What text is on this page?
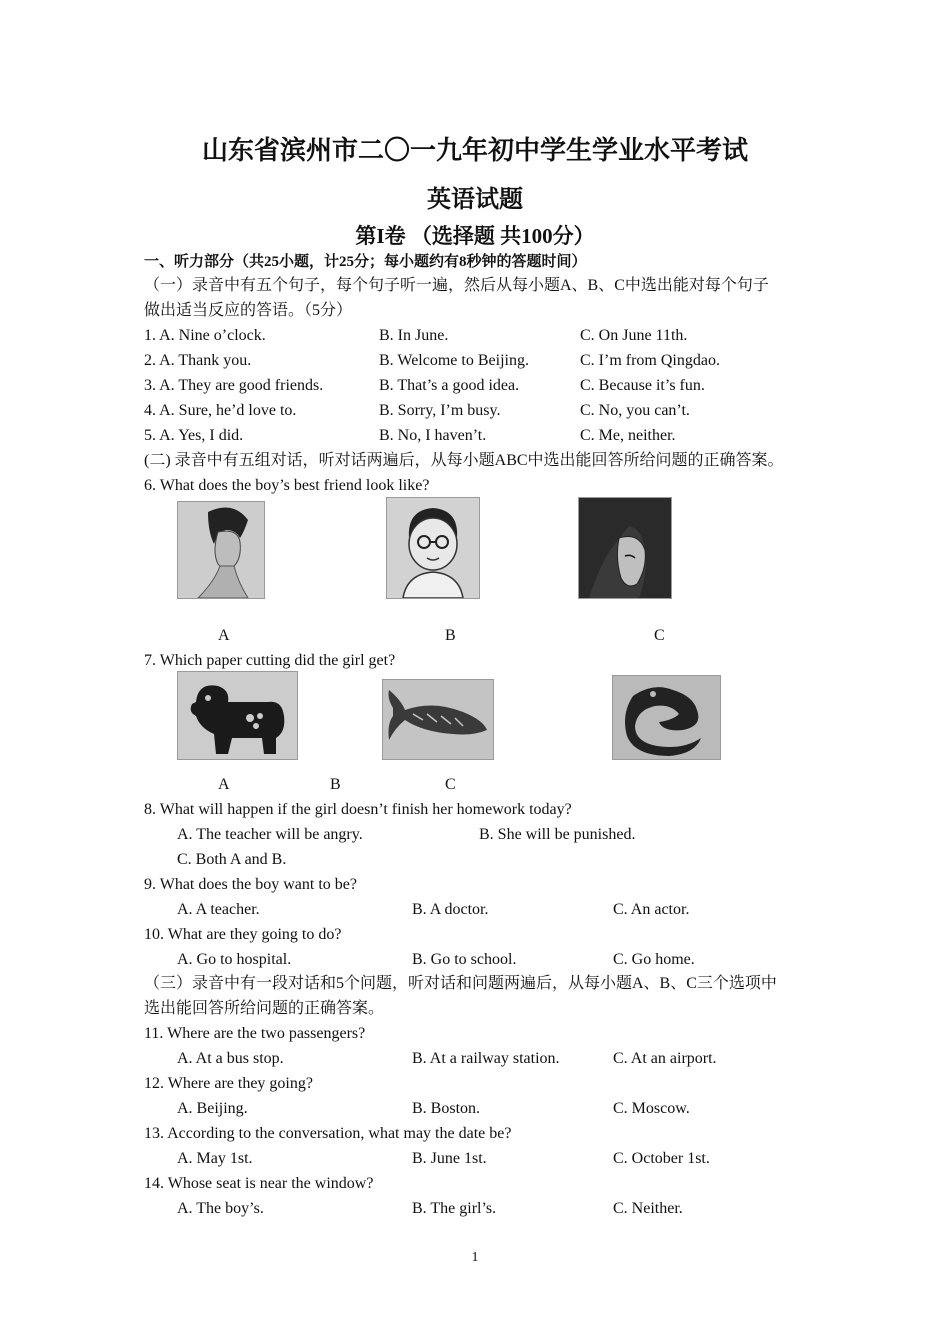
山东省滨州市二〇一九年初中学生学业水平考试
英语试题
第I卷 （选择题 共100分）
一、听力部分（共25小题，计25分；每小题约有8秒钟的答题时间）
（一）录音中有五个句子，每个句子听一遍，然后从每小题A、B、C中选出能对每个句子
做出适当反应的答语。（5分）
1. A. Nine o’clock.	B. In June.	C. On June 11th.
2. A. Thank you.	B. Welcome to Beijing.	C. I’m from Qingdao.
3. A. They are good friends.	B. That’s a good idea.	C. Because it’s fun.
4. A. Sure, he’d love to.	B. Sorry, I’m busy.	C. No, you can’t.
5. A. Yes, I did.	B. No, I haven’t.	C. Me, neither.
(二) 录音中有五组对话，听对话两遍后，从每小题ABC中选出能回答所给问题的正确答案。
6. What does the boy’s best friend look like?
A	B	C
7. Which paper cutting did the girl get?
A	B	C
8. What will happen if the girl doesn’t finish her homework today?
A. The teacher will be angry.	B. She will be punished.
C. Both A and B.
9. What does the boy want to be?
A. A teacher.	B. A doctor.	C. An actor.
10. What are they going to do?
A. Go to hospital.	B. Go to school.	C. Go home.
（三）录音中有一段对话和5个问题，听对话和问题两遍后，从每小题A、B、C三个选项中
选出能回答所给问题的正确答案。
11. Where are the two passengers?
A. At a bus stop.	B. At a railway station.	C. At an airport.
12. Where are they going?
A. Beijing.	B. Boston.	C. Moscow.
13. According to the conversation, what may the date be?
A. May 1st.	B. June 1st.	C. October 1st.
14. Whose seat is near the window?
A. The boy’s.	B. The girl’s.	C. Neither.
1
